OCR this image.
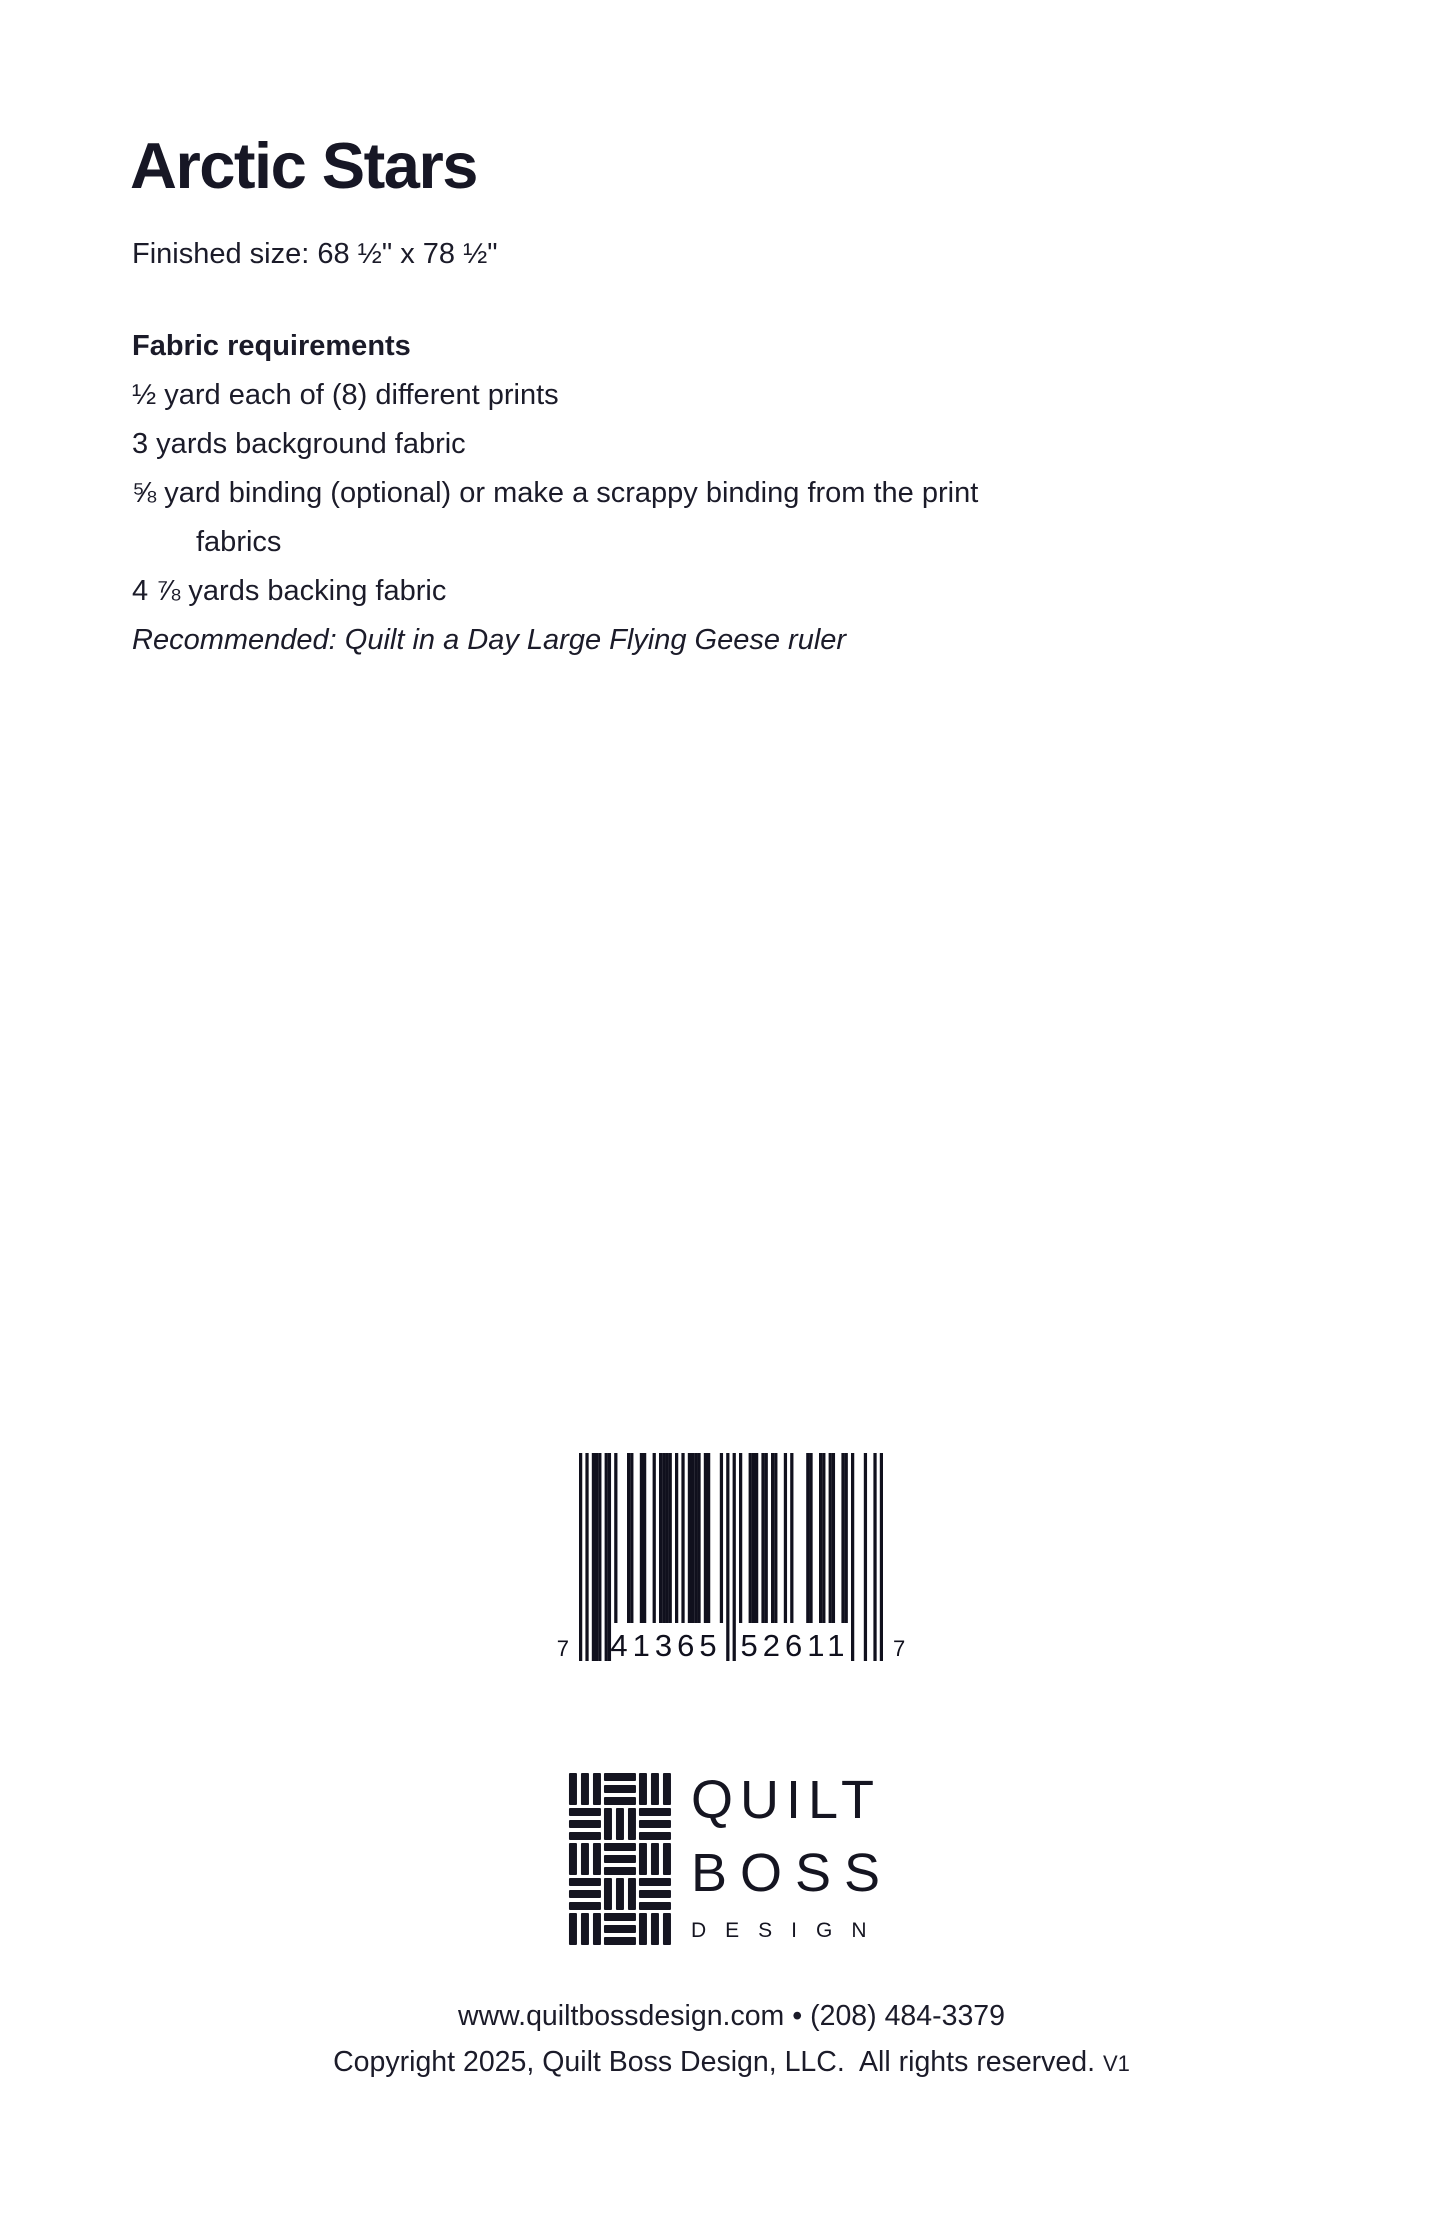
Arctic Stars
Finished size: 68 ½" x 78 ½"
Fabric requirements
½ yard each of (8) different prints
3 yards background fabric
⅝ yard binding (optional) or make a scrappy binding from the print
fabrics
4 ⅞ yards backing fabric
Recommended: Quilt in a Day Large Flying Geese ruler
7 41365 52611 7
QUILT
BOSS
DESIGN
www.quiltbossdesign.com • (208) 484-3379
Copyright 2025, Quilt Boss Design, LLC.  All rights reserved. V1
